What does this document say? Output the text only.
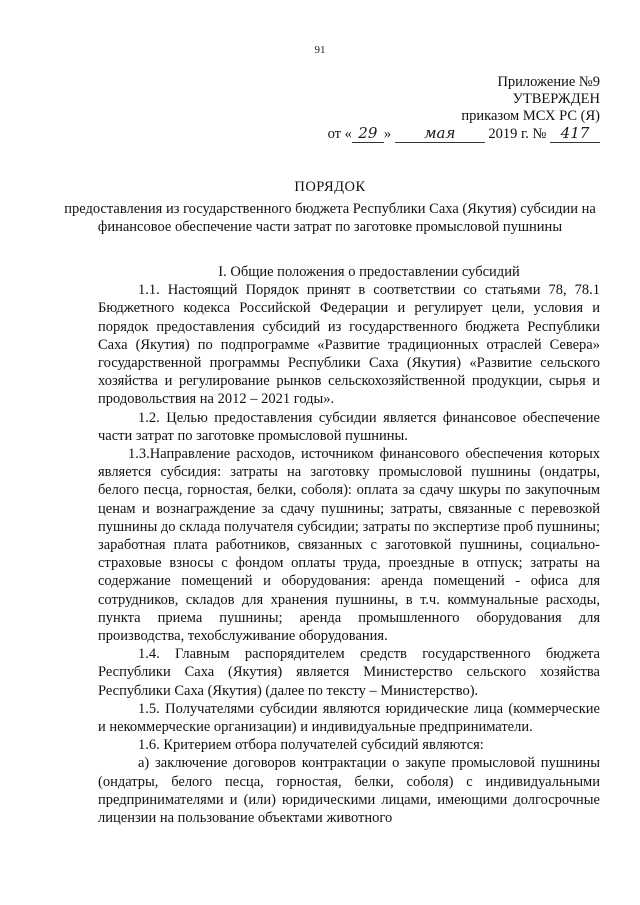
91
Приложение №9
УТВЕРЖДЕН
приказом МСХ РС (Я)
от « 29 » мая 2019 г. № 417
ПОРЯДОК
предоставления из государственного бюджета Республики Саха (Якутия) субсидии на финансовое обеспечение части затрат по заготовке промысловой пушнины

I. Общие положения о предоставлении субсидий

1.1. Настоящий Порядок принят в соответствии со статьями 78, 78.1 Бюджетного кодекса Российской Федерации и регулирует цели, условия и порядок предоставления субсидий из государственного бюджета Республики Саха (Якутия) по подпрограмме «Развитие традиционных отраслей Севера» государственной программы Республики Саха (Якутия) «Развитие сельского хозяйства и регулирование рынков сельскохозяйственной продукции, сырья и продовольствия на 2012 – 2021 годы».

1.2. Целью предоставления субсидии является финансовое обеспечение части затрат по заготовке промысловой пушнины.

1.3.Направление расходов, источником финансового обеспечения которых является субсидия: затраты на заготовку промысловой пушнины (ондатры, белого песца, горностая, белки, соболя): оплата за сдачу шкуры по закупочным ценам и вознаграждение за сдачу пушнины; затраты, связанные с перевозкой пушнины до склада получателя субсидии; затраты по экспертизе проб пушнины; заработная плата работников, связанных с заготовкой пушнины, социально-страховые взносы с фондом оплаты труда, проездные в отпуск; затраты на содержание помещений и оборудования: аренда помещений - офиса для сотрудников, складов для хранения пушнины, в т.ч. коммунальные расходы, пункта приема пушнины; аренда промышленного оборудования для производства, техобслуживание оборудования.

1.4. Главным распорядителем средств государственного бюджета Республики Саха (Якутия) является Министерство сельского хозяйства Республики Саха (Якутия) (далее по тексту – Министерство).

1.5. Получателями субсидии являются юридические лица (коммерческие и некоммерческие организации) и индивидуальные предприниматели.

1.6. Критерием отбора получателей субсидий являются:

а) заключение договоров контрактации о закупе промысловой пушнины (ондатры, белого песца, горностая, белки, соболя) с индивидуальными предпринимателями и (или) юридическими лицами, имеющими долгосрочные лицензии на пользование объектами животного
